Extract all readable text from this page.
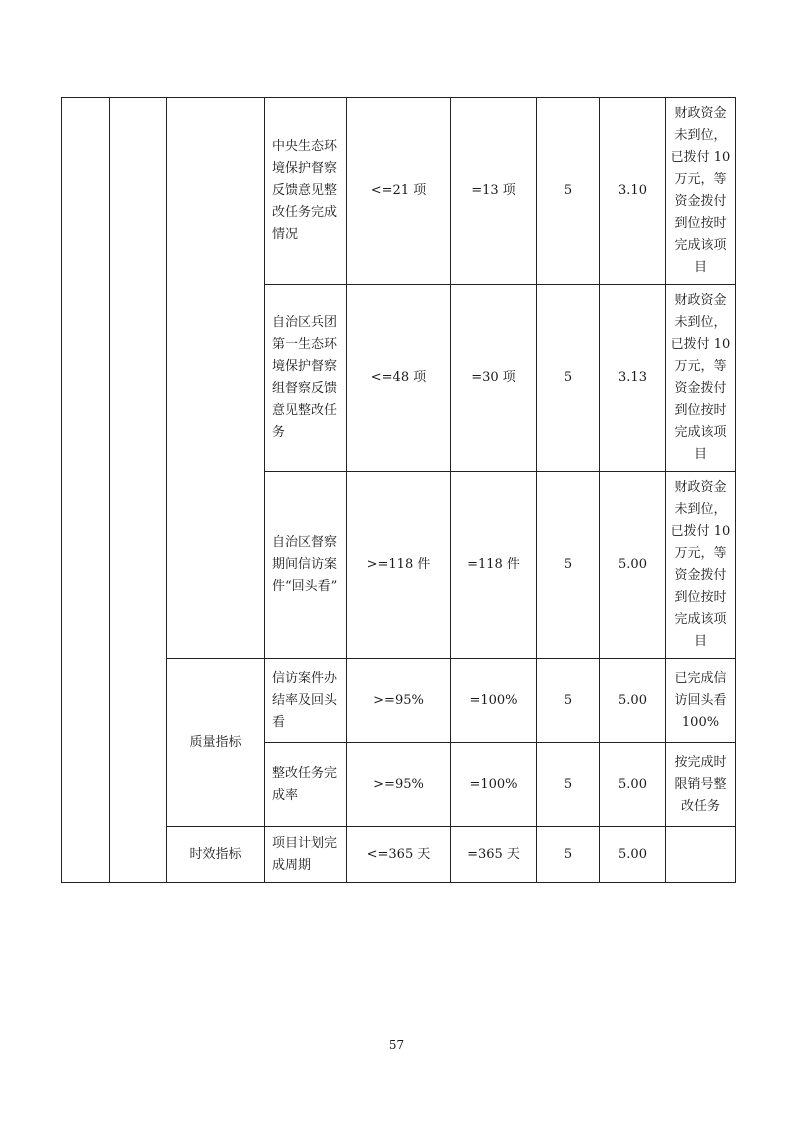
			中央生态环境保护督察反馈意见整改任务完成情况	<=21 项	=13 项	5	3.10	财政资金未到位，已拨付 10 万元，等资金拨付到位按时完成该项目
			自治区兵团第一生态环境保护督察组督察反馈意见整改任务	<=48 项	=30 项	5	3.13	财政资金未到位，已拨付 10 万元，等资金拨付到位按时完成该项目
			自治区督察期间信访案件“回头看”	>=118 件	=118 件	5	5.00	财政资金未到位，已拨付 10 万元，等资金拨付到位按时完成该项目
		质量指标	信访案件办结率及回头看	>=95%	=100%	5	5.00	已完成信访回头看 100%
			整改任务完成率	>=95%	=100%	5	5.00	按完成时限销号整改任务
		时效指标	项目计划完成周期	<=365 天	=365 天	5	5.00	
57
